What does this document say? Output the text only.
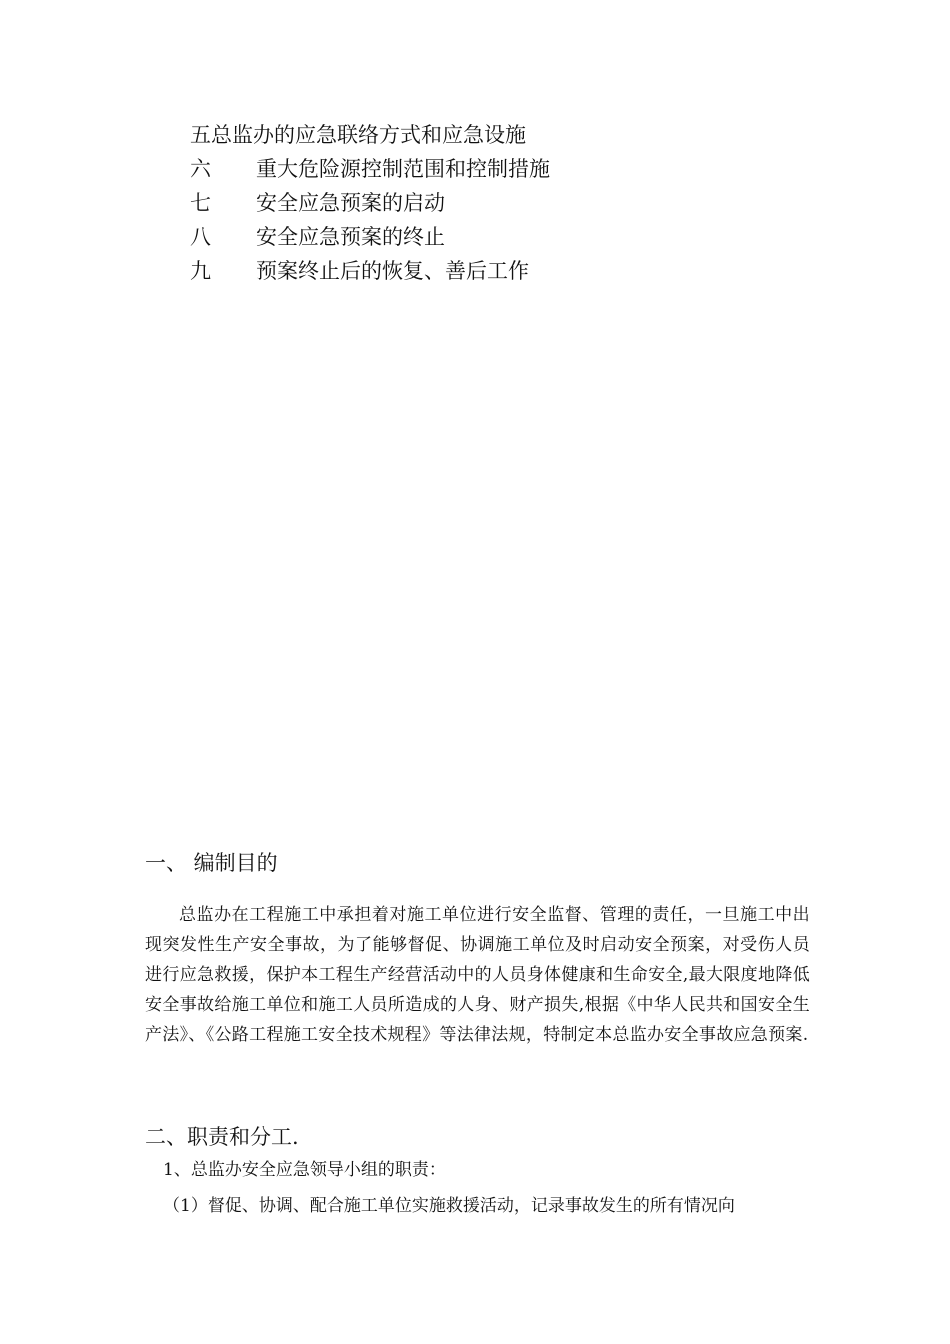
五总监办的应急联络方式和应急设施
六 重大危险源控制范围和控制措施
七 安全应急预案的启动
八 安全应急预案的终止
九 预案终止后的恢复、善后工作
一、 编制目的

总监办在工程施工中承担着对施工单位进行安全监督、管理的责任，一旦施工中出现突发性生产安全事故，为了能够督促、协调施工单位及时启动安全预案，对受伤人员进行应急救援，保护本工程生产经营活动中的人员身体健康和生命安全,最大限度地降低安全事故给施工单位和施工人员所造成的人身、财产损失,根据《中华人民共和国安全生产法》、《公路工程施工安全技术规程》等法律法规，特制定本总监办安全事故应急预案.

二、职责和分工.
1、总监办安全应急领导小组的职责：
（1）督促、协调、配合施工单位实施救援活动，记录事故发生的所有情况向
